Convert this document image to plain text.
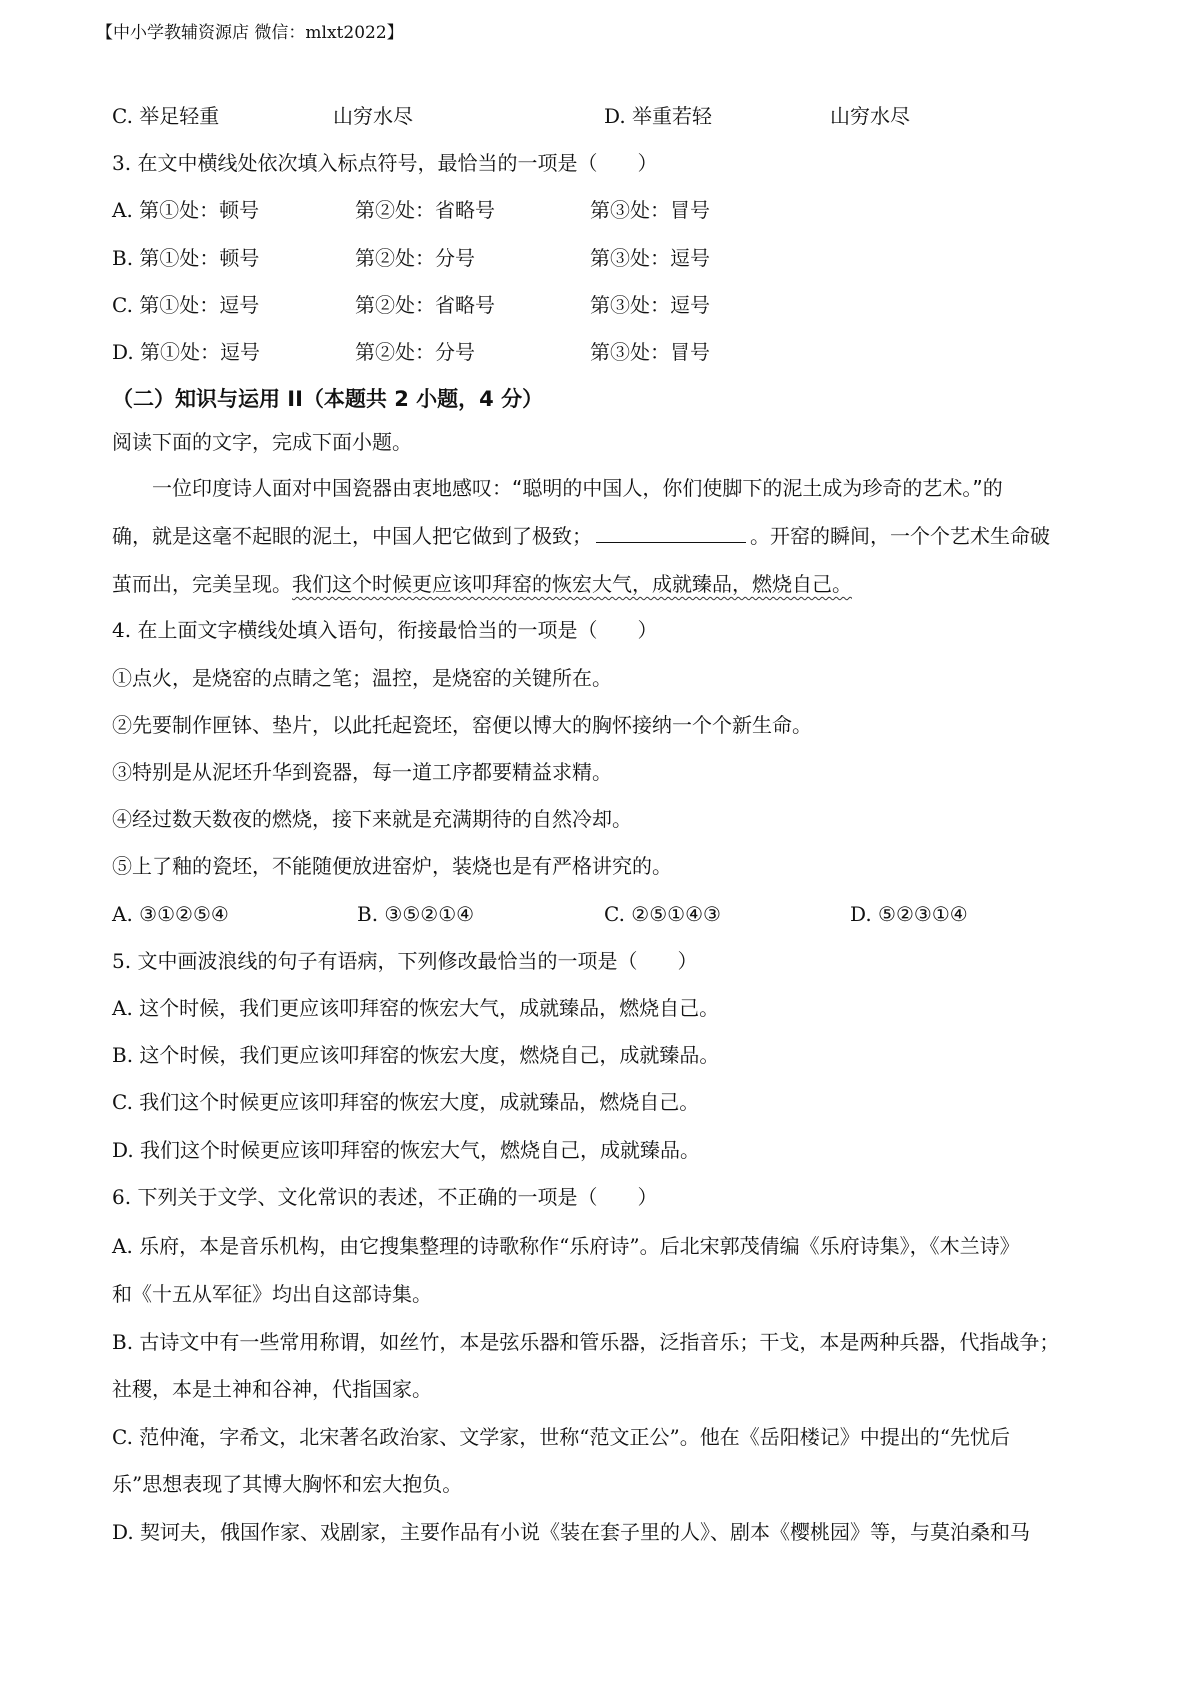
【中小学教辅资源店 微信：mlxt2022】
C. 举足轻重	山穷水尽	D. 举重若轻	山穷水尽
3. 在文中横线处依次填入标点符号，最恰当的一项是（　　）
A. 第①处：顿号	第②处：省略号	第③处：冒号
B. 第①处：顿号	第②处：分号	第③处：逗号
C. 第①处：逗号	第②处：省略号	第③处：逗号
D. 第①处：逗号	第②处：分号	第③处：冒号
（二）知识与运用 II（本题共 2 小题，4 分）
阅读下面的文字，完成下面小题。
一位印度诗人面对中国瓷器由衷地感叹：“聪明的中国人，你们使脚下的泥土成为珍奇的艺术。”的
确，就是这毫不起眼的泥土，中国人把它做到了极致；	。开窑的瞬间，一个个艺术生命破
茧而出，完美呈现。我们这个时候更应该叩拜窑的恢宏大气，成就臻品，燃烧自己。
4. 在上面文字横线处填入语句，衔接最恰当的一项是（　　）
①点火，是烧窑的点睛之笔；温控，是烧窑的关键所在。
②先要制作匣钵、垫片，以此托起瓷坯，窑便以博大的胸怀接纳一个个新生命。
③特别是从泥坯升华到瓷器，每一道工序都要精益求精。
④经过数天数夜的燃烧，接下来就是充满期待的自然冷却。
⑤上了釉的瓷坯，不能随便放进窑炉，装烧也是有严格讲究的。
A. ③①②⑤④	B. ③⑤②①④	C. ②⑤①④③	D. ⑤②③①④
5. 文中画波浪线的句子有语病，下列修改最恰当的一项是（　　）
A. 这个时候，我们更应该叩拜窑的恢宏大气，成就臻品，燃烧自己。
B. 这个时候，我们更应该叩拜窑的恢宏大度，燃烧自己，成就臻品。
C. 我们这个时候更应该叩拜窑的恢宏大度，成就臻品，燃烧自己。
D. 我们这个时候更应该叩拜窑的恢宏大气，燃烧自己，成就臻品。
6. 下列关于文学、文化常识的表述，不正确的一项是（　　）
A. 乐府，本是音乐机构，由它搜集整理的诗歌称作“乐府诗”。后北宋郭茂倩编《乐府诗集》，《木兰诗》
和《十五从军征》均出自这部诗集。
B. 古诗文中有一些常用称谓，如丝竹，本是弦乐器和管乐器，泛指音乐；干戈，本是两种兵器，代指战争；
社稷，本是土神和谷神，代指国家。
C. 范仲淹，字希文，北宋著名政治家、文学家，世称“范文正公”。他在《岳阳楼记》中提出的“先忧后
乐”思想表现了其博大胸怀和宏大抱负。
D. 契诃夫，俄国作家、戏剧家，主要作品有小说《装在套子里的人》、剧本《樱桃园》等，与莫泊桑和马
